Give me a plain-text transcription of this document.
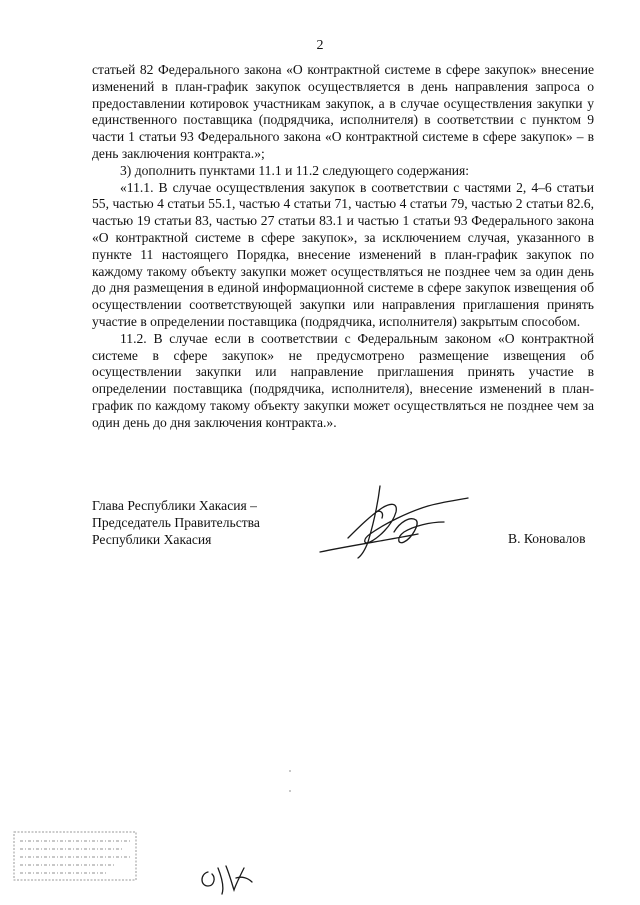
2

статьей 82 Федерального закона «О контрактной системе в сфере закупок» внесение изменений в план-график закупок осуществляется в день направления запроса о предоставлении котировок участникам закупок, а в случае осуществления закупки у единственного поставщика (подрядчика, исполнителя) в соответствии с пунктом 9 части 1 статьи 93 Федерального закона «О контрактной системе в сфере закупок» – в день заключения контракта.»;

3) дополнить пунктами 11.1 и 11.2 следующего содержания:

«11.1. В случае осуществления закупок в соответствии с частями 2, 4–6 статьи 55, частью 4 статьи 55.1, частью 4 статьи 71, частью 4 статьи 79, частью 2 статьи 82.6, частью 19 статьи 83, частью 27 статьи 83.1 и частью 1 статьи 93 Федерального закона «О контрактной системе в сфере закупок», за исключением случая, указанного в пункте 11 настоящего Порядка, внесение изменений в план-график закупок по каждому такому объекту закупки может осуществляться не позднее чем за один день до дня размещения в единой информационной системе в сфере закупок извещения об осуществлении соответствующей закупки или направления приглашения принять участие в определении поставщика (подрядчика, исполнителя) закрытым способом.

11.2. В случае если в соответствии с Федеральным законом «О контрактной системе в сфере закупок» не предусмотрено размещение извещения об осуществлении закупки или направление приглашения принять участие в определении поставщика (подрядчика, исполнителя), внесение изменений в план-график по каждому такому объекту закупки может осуществляться не позднее чем за один день до дня заключения контракта.».

Глава Республики Хакасия –
Председатель Правительства
Республики Хакасия	В. Коновалов
